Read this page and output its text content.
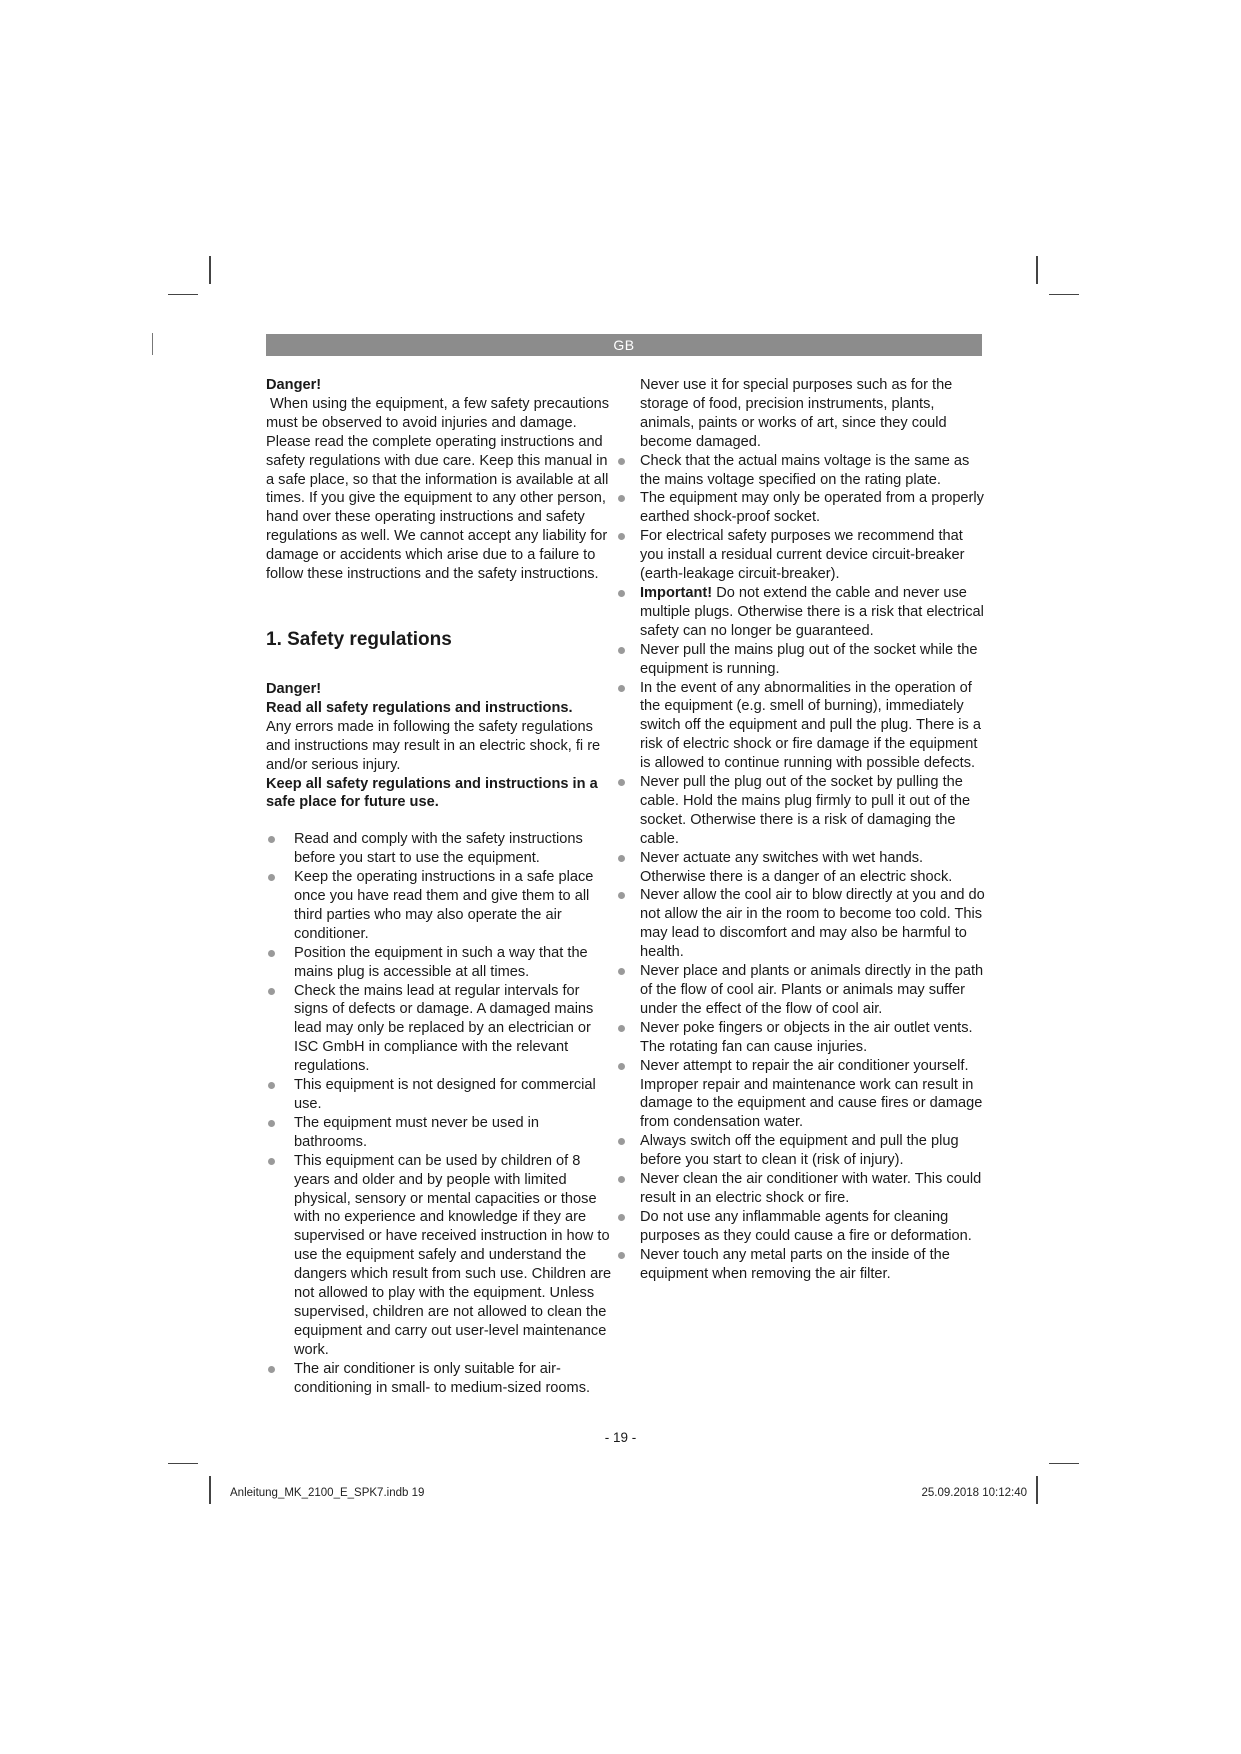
GB

Danger!

When using the equipment, a few safety precautions must be observed to avoid injuries and damage. Please read the complete operating instructions and safety regulations with due care. Keep this manual in a safe place, so that the information is available at all times. If you give the equipment to any other person, hand over these operating instructions and safety regulations as well. We cannot accept any liability for damage or accidents which arise due to a failure to follow these instructions and the safety instructions.

1. Safety regulations

Danger!

Read all safety regulations and instructions.

Any errors made in following the safety regulations and instructions may result in an electric shock, fi re and/or serious injury.

Keep all safety regulations and instructions in a safe place for future use.

Read and comply with the safety instructions before you start to use the equipment.
Keep the operating instructions in a safe place once you have read them and give them to all third parties who may also operate the air conditioner.
Position the equipment in such a way that the mains plug is accessible at all times.
Check the mains lead at regular intervals for signs of defects or damage. A damaged mains lead may only be replaced by an electrician or ISC GmbH in compliance with the relevant regulations.
This equipment is not designed for commercial use.
The equipment must never be used in bathrooms.
This equipment can be used by children of 8 years and older and by people with limited physical, sensory or mental capacities or those with no experience and knowledge if they are supervised or have received instruction in how to use the equipment safely and understand the dangers which result from such use. Children are not allowed to play with the equipment. Unless supervised, children are not allowed to clean the equipment and carry out user-level maintenance work.
The air conditioner is only suitable for air-conditioning in small- to medium-sized rooms.

Never use it for special purposes such as for the storage of food, precision instruments, plants, animals, paints or works of art, since they could become damaged.

Check that the actual mains voltage is the same as the mains voltage specified on the rating plate.
The equipment may only be operated from a properly earthed shock-proof socket.
For electrical safety purposes we recommend that you install a residual current device circuit-breaker (earth-leakage circuit-breaker).
Important! Do not extend the cable and never use multiple plugs. Otherwise there is a risk that electrical safety can no longer be guaranteed.
Never pull the mains plug out of the socket while the equipment is running.
In the event of any abnormalities in the operation of the equipment (e.g. smell of burning), immediately switch off the equipment and pull the plug. There is a risk of electric shock or fire damage if the equipment is allowed to continue running with possible defects.
Never pull the plug out of the socket by pulling the cable. Hold the mains plug firmly to pull it out of the socket. Otherwise there is a risk of damaging the cable.
Never actuate any switches with wet hands. Otherwise there is a danger of an electric shock.
Never allow the cool air to blow directly at you and do not allow the air in the room to become too cold. This may lead to discomfort and may also be harmful to health.
Never place and plants or animals directly in the path of the flow of cool air. Plants or animals may suffer under the effect of the flow of cool air.
Never poke fingers or objects in the air outlet vents. The rotating fan can cause injuries.
Never attempt to repair the air conditioner yourself. Improper repair and maintenance work can result in damage to the equipment and cause fires or damage from condensation water.
Always switch off the equipment and pull the plug before you start to clean it (risk of injury).
Never clean the air conditioner with water. This could result in an electric shock or fire.
Do not use any inflammable agents for cleaning purposes as they could cause a fire or deformation.
Never touch any metal parts on the inside of the equipment when removing the air filter.
- 19 -
Anleitung_MK_2100_E_SPK7.indb 19	25.09.2018 10:12:40
